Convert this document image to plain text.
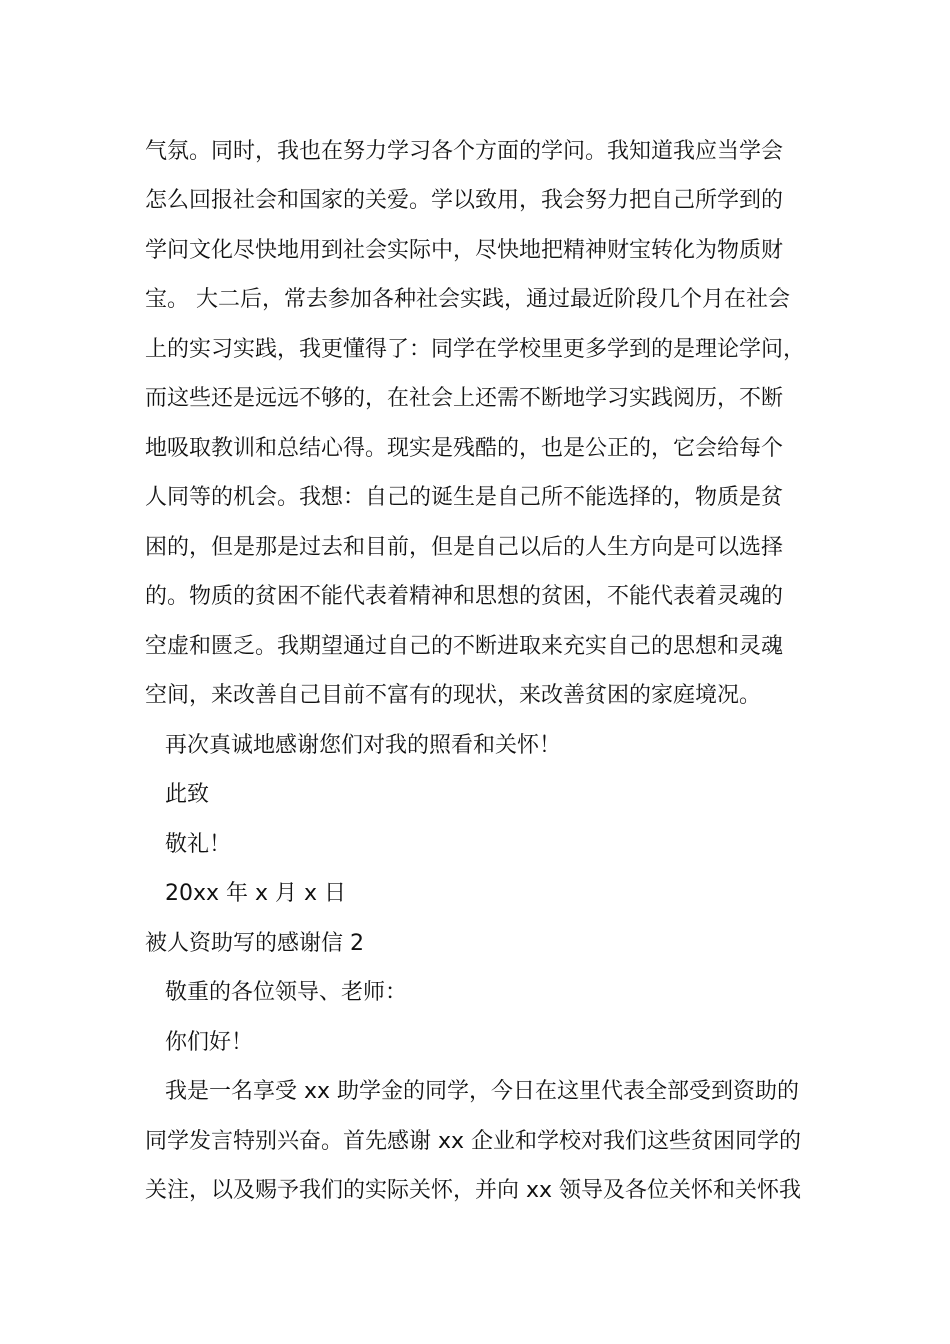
气氛。同时，我也在努力学习各个方面的学问。我知道我应当学会
怎么回报社会和国家的关爱。学以致用，我会努力把自己所学到的
学问文化尽快地用到社会实际中，尽快地把精神财宝转化为物质财
宝。 大二后，常去参加各种社会实践，通过最近阶段几个月在社会
上的实习实践，我更懂得了：同学在学校里更多学到的是理论学问，
而这些还是远远不够的，在社会上还需不断地学习实践阅历，不断
地吸取教训和总结心得。现实是残酷的，也是公正的，它会给每个
人同等的机会。我想：自己的诞生是自己所不能选择的，物质是贫
困的，但是那是过去和目前，但是自己以后的人生方向是可以选择
的。物质的贫困不能代表着精神和思想的贫困，不能代表着灵魂的
空虚和匮乏。我期望通过自己的不断进取来充实自己的思想和灵魂
空间，来改善自己目前不富有的现状，来改善贫困的家庭境况。
再次真诚地感谢您们对我的照看和关怀！
此致
敬礼！
20xx 年 x 月 x 日
被人资助写的感谢信 2
敬重的各位领导、老师：
你们好！
我是一名享受 xx 助学金的同学，今日在这里代表全部受到资助的
同学发言特别兴奋。首先感谢 xx 企业和学校对我们这些贫困同学的
关注，以及赐予我们的实际关怀，并向 xx 领导及各位关怀和关怀我
